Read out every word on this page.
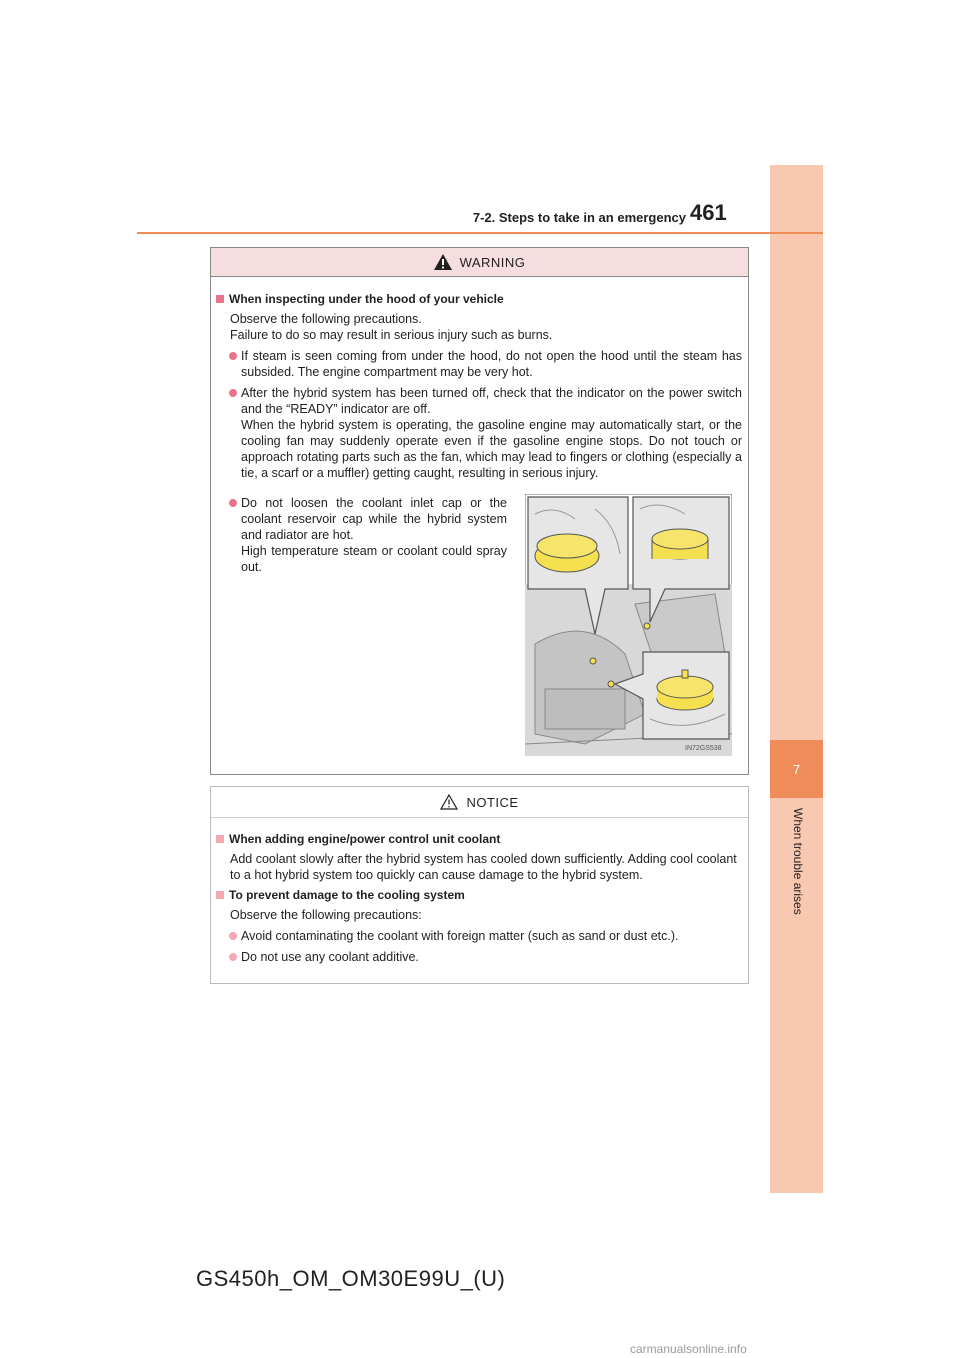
7
When trouble arises
7-2. Steps to take in an emergency 461
WARNING
When inspecting under the hood of your vehicle
Observe the following precautions.
Failure to do so may result in serious injury such as burns.
If steam is seen coming from under the hood, do not open the hood until the steam has subsided. The engine compartment may be very hot.
After the hybrid system has been turned off, check that the indicator on the power switch and the “READY” indicator are off.
When the hybrid system is operating, the gasoline engine may automatically start, or the cooling fan may suddenly operate even if the gasoline engine stops. Do not touch or approach rotating parts such as the fan, which may lead to fingers or clothing (especially a tie, a scarf or a muffler) getting caught, resulting in serious injury.
Do not loosen the coolant inlet cap or the coolant reservoir cap while the hybrid system and radiator are hot.
High temperature steam or coolant could spray out.
IN72GS538
NOTICE
When adding engine/power control unit coolant
Add coolant slowly after the hybrid system has cooled down sufficiently. Adding cool coolant to a hot hybrid system too quickly can cause damage to the hybrid system.
To prevent damage to the cooling system
Observe the following precautions:
Avoid contaminating the coolant with foreign matter (such as sand or dust etc.).
Do not use any coolant additive.
GS450h_OM_OM30E99U_(U)
carmanualsonline.info
